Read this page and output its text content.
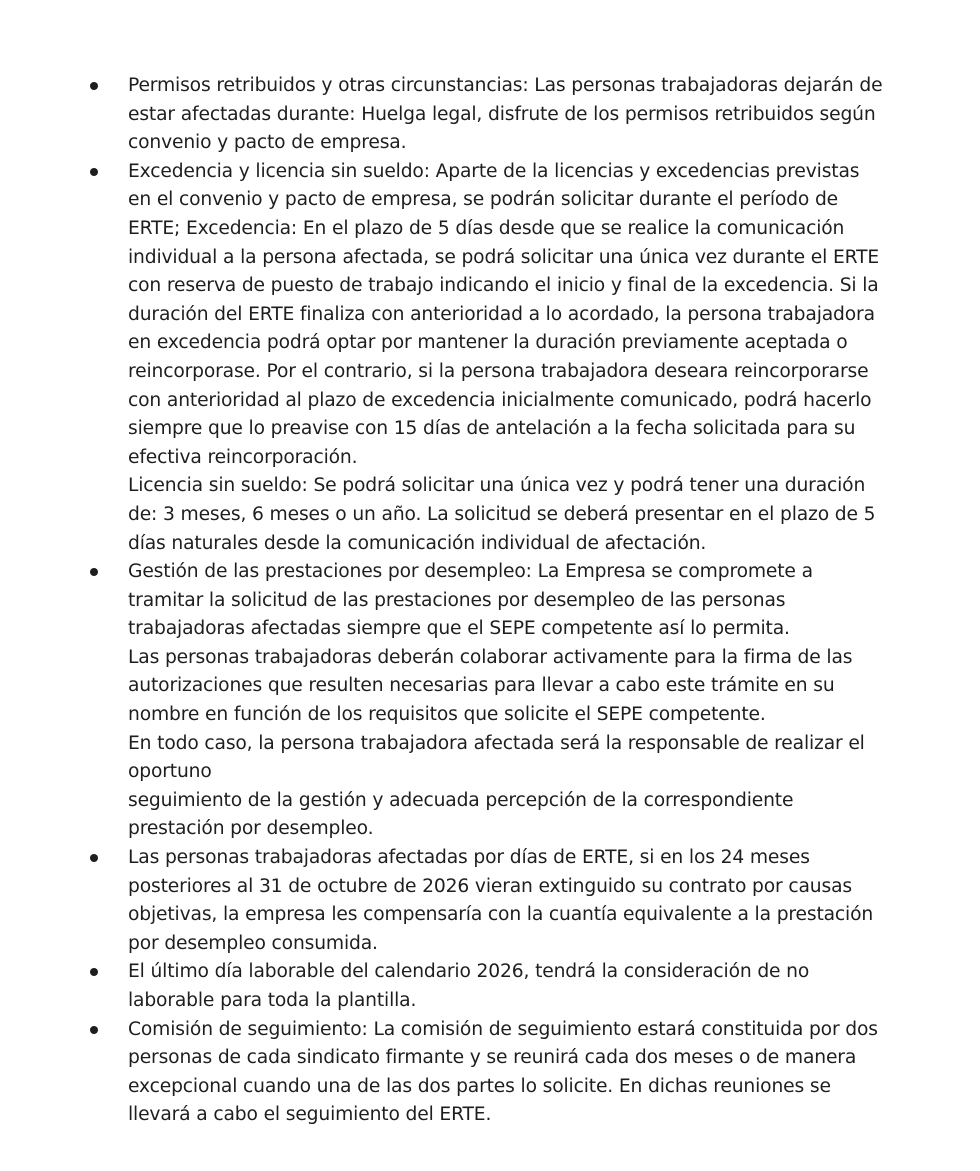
Permisos retribuidos y otras circunstancias: Las personas trabajadoras dejarán de estar afectadas durante: Huelga legal, disfrute de los permisos retribuidos según convenio y pacto de empresa.

Excedencia y licencia sin sueldo: Aparte de la licencias y excedencias previstas en el convenio y pacto de empresa, se podrán solicitar durante el período de ERTE; Excedencia: En el plazo de 5 días desde que se realice la comunicación individual a la persona afectada, se podrá solicitar una única vez durante el ERTE con reserva de puesto de trabajo indicando el inicio y final de la excedencia. Si la duración del ERTE finaliza con anterioridad a lo acordado, la persona trabajadora en excedencia podrá optar por mantener la duración previamente aceptada o reincorporase. Por el contrario, si la persona trabajadora deseara reincorporarse con anterioridad al plazo de excedencia inicialmente comunicado, podrá hacerlo siempre que lo preavise con 15 días de antelación a la fecha solicitada para su efectiva reincorporación.

Licencia sin sueldo: Se podrá solicitar una única vez y podrá tener una duración de: 3 meses, 6 meses o un año. La solicitud se deberá presentar en el plazo de 5 días naturales desde la comunicación individual de afectación.

Gestión de las prestaciones por desempleo: La Empresa se compromete a tramitar la solicitud de las prestaciones por desempleo de las personas trabajadoras afectadas siempre que el SEPE competente así lo permita.

Las personas trabajadoras deberán colaborar activamente para la firma de las autorizaciones que resulten necesarias para llevar a cabo este trámite en su nombre en función de los requisitos que solicite el SEPE competente.

En todo caso, la persona trabajadora afectada será la responsable de realizar el oportuno

seguimiento de la gestión y adecuada percepción de la correspondiente prestación por desempleo.

Las personas trabajadoras afectadas por días de ERTE, si en los 24 meses posteriores al 31 de octubre de 2026 vieran extinguido su contrato por causas objetivas, la empresa les compensaría con la cuantía equivalente a la prestación por desempleo consumida.

El último día laborable del calendario 2026, tendrá la consideración de no laborable para toda la plantilla.

Comisión de seguimiento: La comisión de seguimiento estará constituida por dos personas de cada sindicato firmante y se reunirá cada dos meses o de manera excepcional cuando una de las dos partes lo solicite. En dichas reuniones se llevará a cabo el seguimiento del ERTE.
